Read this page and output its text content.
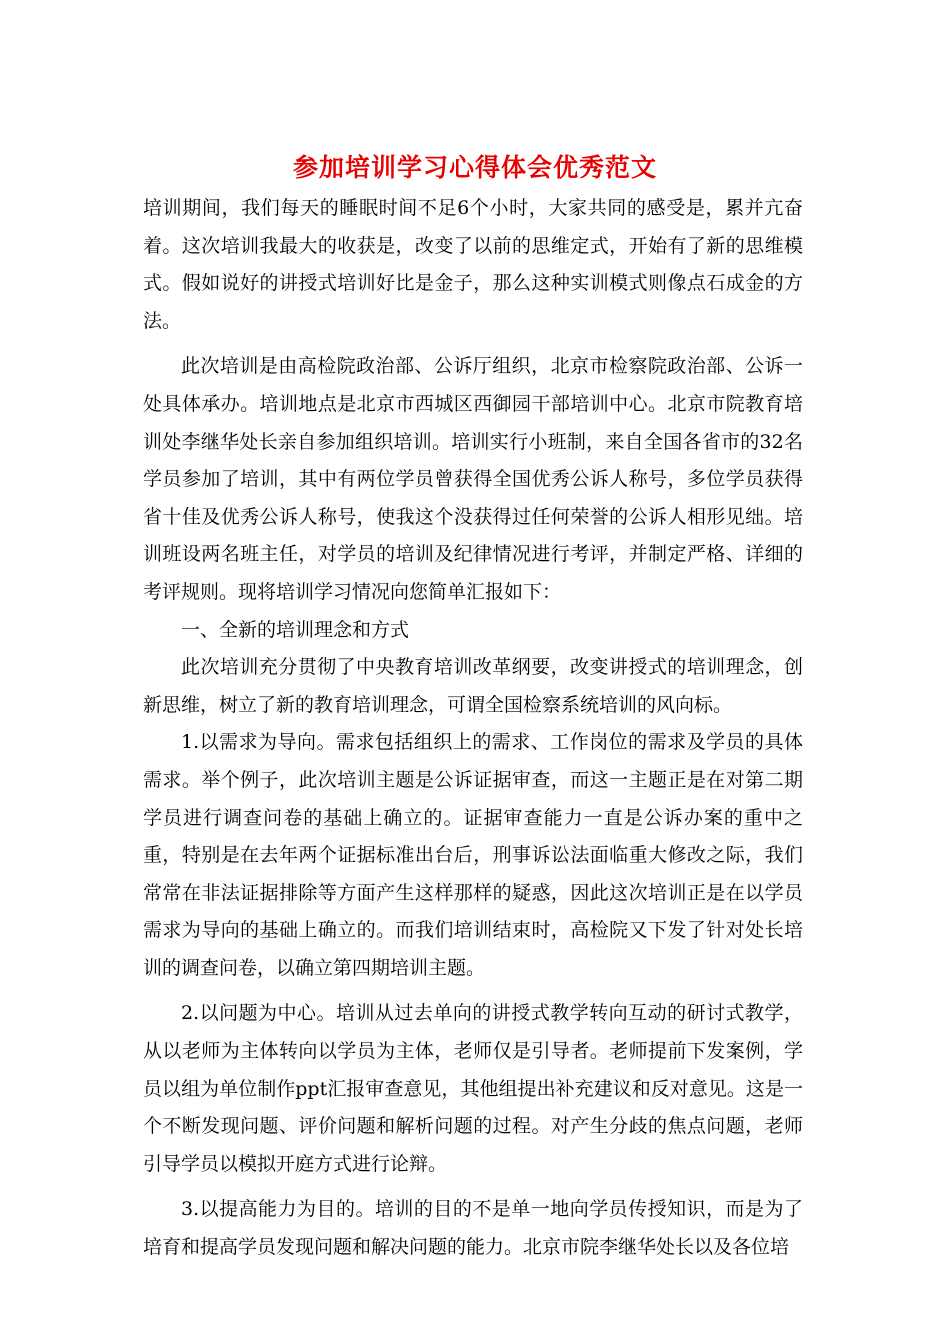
参加培训学习心得体会优秀范文

培训期间，我们每天的睡眠时间不足6个小时，大家共同的感受是，累并亢奋着。这次培训我最大的收获是，改变了以前的思维定式，开始有了新的思维模式。假如说好的讲授式培训好比是金子，那么这种实训模式则像点石成金的方法。

此次培训是由高检院政治部、公诉厅组织，北京市检察院政治部、公诉一处具体承办。培训地点是北京市西城区西御园干部培训中心。北京市院教育培训处李继华处长亲自参加组织培训。培训实行小班制，来自全国各省市的32名学员参加了培训，其中有两位学员曾获得全国优秀公诉人称号，多位学员获得省十佳及优秀公诉人称号，使我这个没获得过任何荣誉的公诉人相形见绌。培训班设两名班主任，对学员的培训及纪律情况进行考评，并制定严格、详细的考评规则。现将培训学习情况向您简单汇报如下：

一、全新的培训理念和方式

此次培训充分贯彻了中央教育培训改革纲要，改变讲授式的培训理念，创新思维，树立了新的教育培训理念，可谓全国检察系统培训的风向标。

1.以需求为导向。需求包括组织上的需求、工作岗位的需求及学员的具体需求。举个例子，此次培训主题是公诉证据审查，而这一主题正是在对第二期学员进行调查问卷的基础上确立的。证据审查能力一直是公诉办案的重中之重，特别是在去年两个证据标准出台后，刑事诉讼法面临重大修改之际，我们常常在非法证据排除等方面产生这样那样的疑惑，因此这次培训正是在以学员需求为导向的基础上确立的。而我们培训结束时，高检院又下发了针对处长培训的调查问卷，以确立第四期培训主题。

2.以问题为中心。培训从过去单向的讲授式教学转向互动的研讨式教学，从以老师为主体转向以学员为主体，老师仅是引导者。老师提前下发案例，学员以组为单位制作ppt汇报审查意见，其他组提出补充建议和反对意见。这是一个不断发现问题、评价问题和解析问题的过程。对产生分歧的焦点问题，老师引导学员以模拟开庭方式进行论辩。

3.以提高能力为目的。培训的目的不是单一地向学员传授知识，而是为了培育和提高学员发现问题和解决问题的能力。北京市院李继华处长以及各位培
